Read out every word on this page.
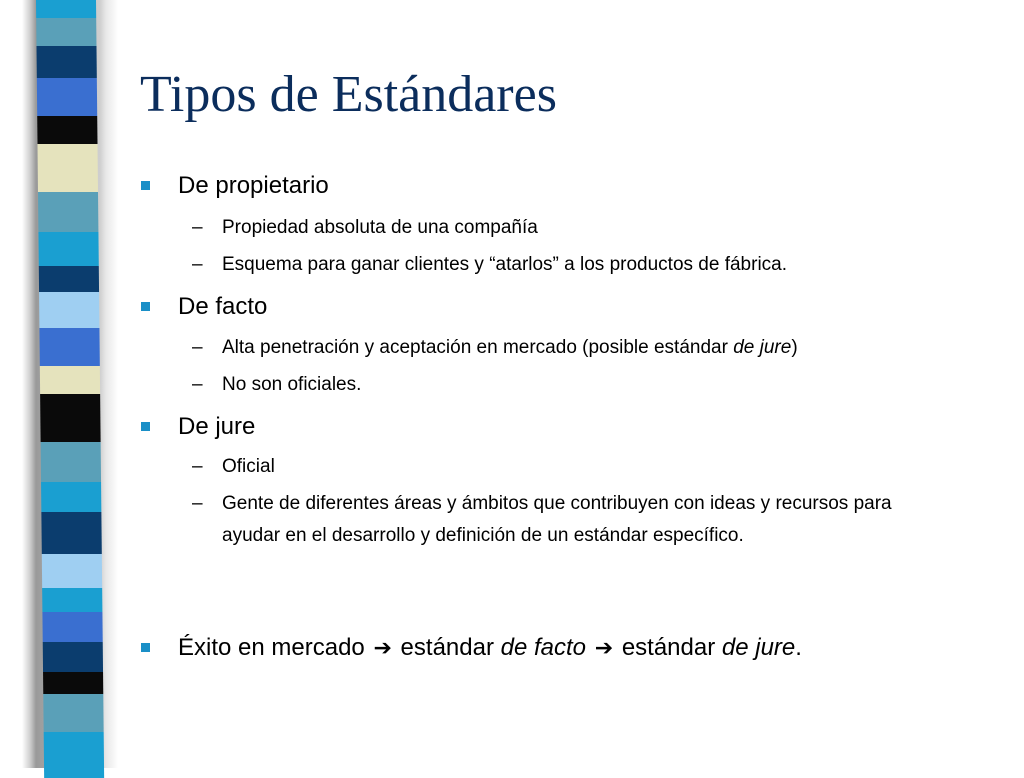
Tipos de Estándares
De propietario
–	Propiedad absoluta de una compañía
–	Esquema para ganar clientes y “atarlos” a los productos de fábrica.
De facto
–	Alta penetración y aceptación en mercado (posible estándar de jure)
–	No son oficiales.
De jure
–	Oficial
–	Gente de diferentes áreas y ámbitos que contribuyen con ideas y recursos para ayudar en el desarrollo y definición de un estándar específico.
Éxito en mercado ➔ estándar de facto ➔ estándar de jure.
